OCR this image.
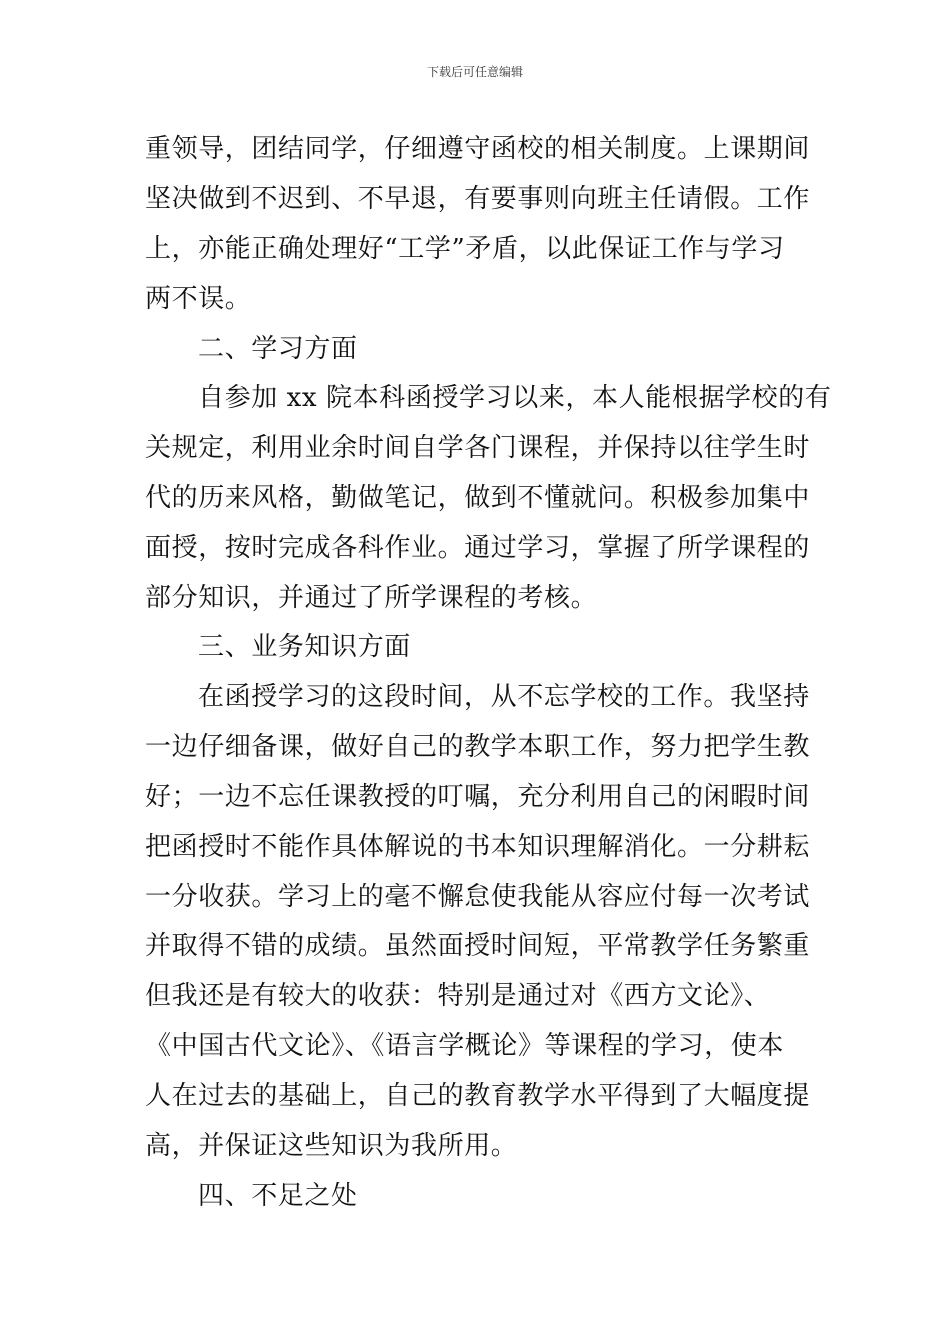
下载后可任意编辑
重领导，团结同学，仔细遵守函校的相关制度。上课期间
坚决做到不迟到、不早退，有要事则向班主任请假。工作
上，亦能正确处理好“工学”矛盾，以此保证工作与学习
两不误。
二、学习方面
自参加 xx 院本科函授学习以来，本人能根据学校的有
关规定，利用业余时间自学各门课程，并保持以往学生时
代的历来风格，勤做笔记，做到不懂就问。积极参加集中
面授，按时完成各科作业。通过学习，掌握了所学课程的
部分知识，并通过了所学课程的考核。
三、业务知识方面
在函授学习的这段时间，从不忘学校的工作。我坚持
一边仔细备课，做好自己的教学本职工作，努力把学生教
好；一边不忘任课教授的叮嘱，充分利用自己的闲暇时间
把函授时不能作具体解说的书本知识理解消化。一分耕耘
一分收获。学习上的毫不懈怠使我能从容应付每一次考试
并取得不错的成绩。虽然面授时间短，平常教学任务繁重
但我还是有较大的收获：特别是通过对《西方文论》、
《中国古代文论》、《语言学概论》等课程的学习，使本
人在过去的基础上，自己的教育教学水平得到了大幅度提
高，并保证这些知识为我所用。
四、不足之处
